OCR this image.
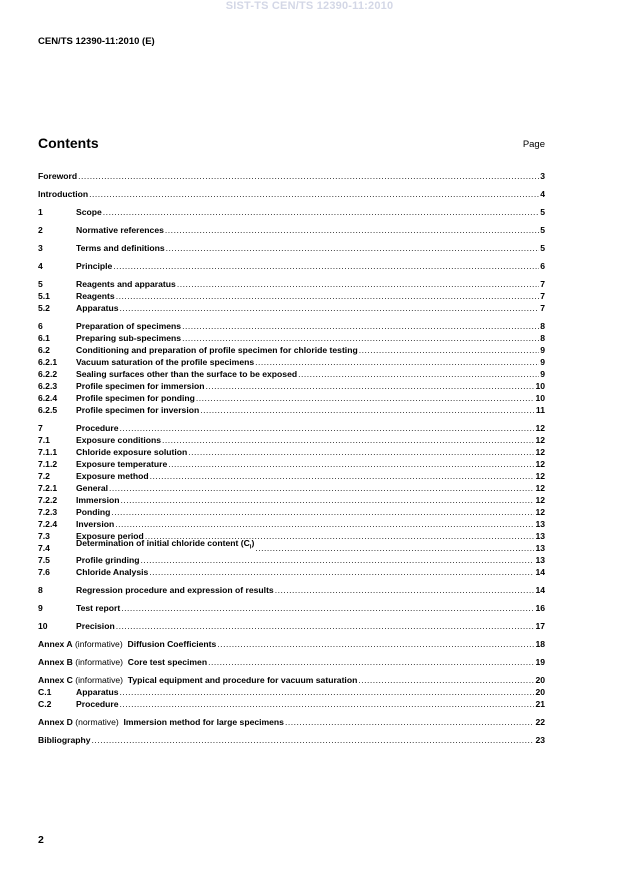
SIST-TS CEN/TS 12390-11:2010
CEN/TS 12390-11:2010 (E)
Contents	Page
Foreword .....	3
Introduction .....	4
1	Scope .....	5
2	Normative references .....	5
3	Terms and definitions .....	5
4	Principle .....	6
5	Reagents and apparatus .....	7
5.1	Reagents .....	7
5.2	Apparatus .....	7
6	Preparation of specimens .....	8
6.1	Preparing sub-specimens .....	8
6.2	Conditioning and preparation of profile specimen for chloride testing .....	9
6.2.1	Vacuum saturation of the profile specimens .....	9
6.2.2	Sealing surfaces other than the surface to be exposed .....	9
6.2.3	Profile specimen for immersion .....	10
6.2.4	Profile specimen for ponding .....	10
6.2.5	Profile specimen for inversion .....	11
7	Procedure .....	12
7.1	Exposure conditions .....	12
7.1.1	Chloride exposure solution .....	12
7.1.2	Exposure temperature .....	12
7.2	Exposure method .....	12
7.2.1	General .....	12
7.2.2	Immersion .....	12
7.2.3	Ponding .....	12
7.2.4	Inversion .....	13
7.3	Exposure period .....	13
7.4	Determination of initial chloride content $(C_i)$ .....	13
7.5	Profile grinding .....	13
7.6	Chloride Analysis .....	14
8	Regression procedure and expression of results .....	14
9	Test report .....	16
10	Precision .....	17
Annex A (informative) Diffusion Coefficients .....	18
Annex B (informative) Core test specimen .....	19
Annex C (informative) Typical equipment and procedure for vacuum saturation .....	20
C.1	Apparatus .....	20
C.2	Procedure .....	21
Annex D (normative) Immersion method for large specimens .....	22
Bibliography .....	23
2
